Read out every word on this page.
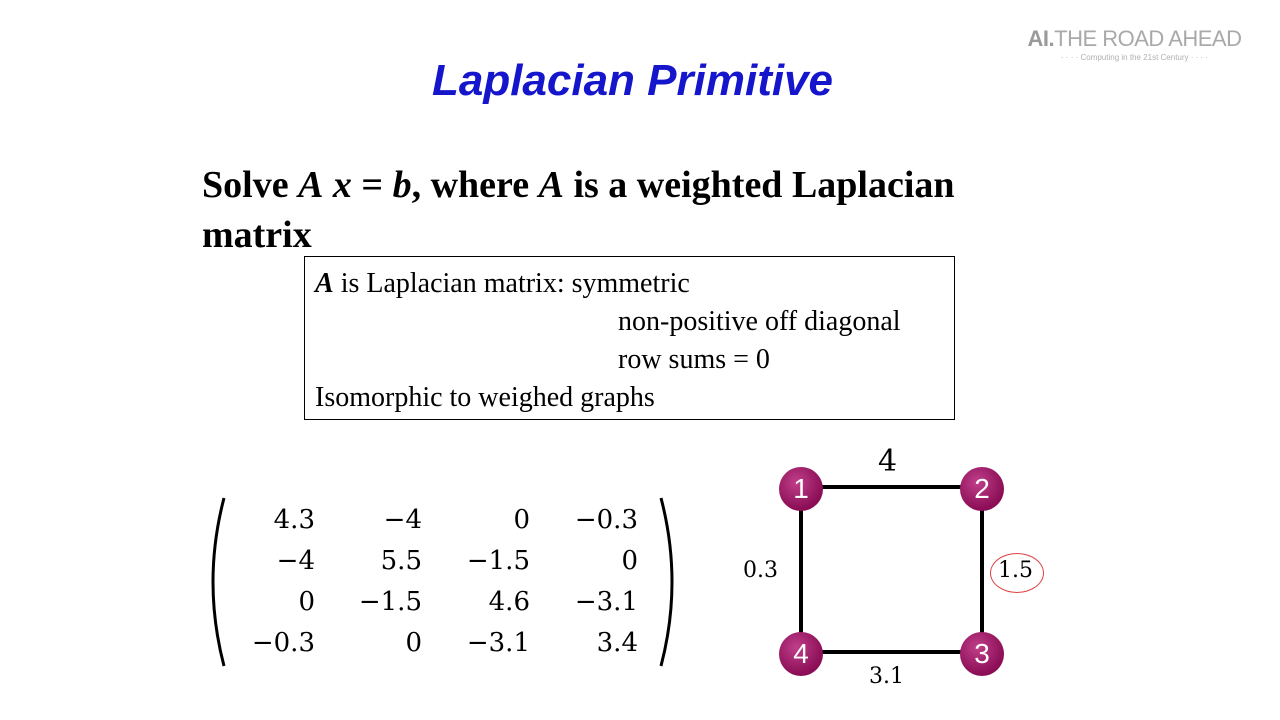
AI.THE ROAD AHEAD
· · · · Computing in the 21st Century · · · ·
Laplacian Primitive
Solve A x = b, where A is a weighted Laplacian
matrix
A is Laplacian matrix: symmetric
non-positive off diagonal
row sums = 0
Isomorphic to weighed graphs
4.3	−4	0	−0.3
−4	5.5	−1.5	0
0	−1.5	4.6	−3.1
−0.3	0	−3.1	3.4
1	2
3
4
4
1.5
3.1
0.3
